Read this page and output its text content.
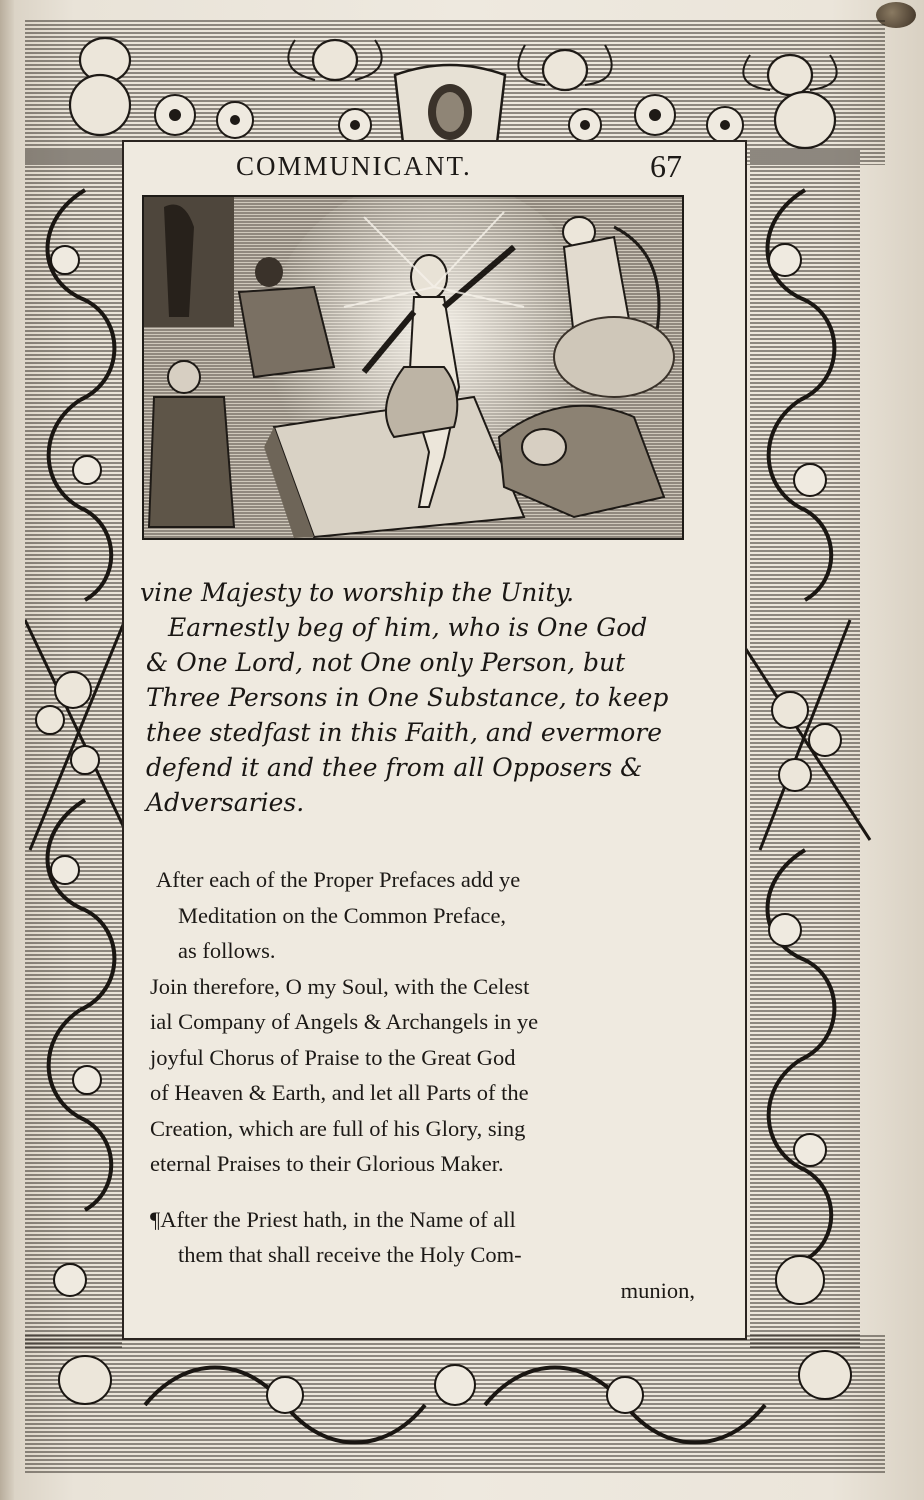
COMMUNICANT.	67
vine Majesty to worship the Unity.
Earnestly beg of him, who is One God
& One Lord, not One only Person, but
Three Persons in One Substance, to keep
thee stedfast in this Faith, and evermore
defend it and thee from all Opposers &
Adversaries.
After each of the Proper Prefaces add ye
Meditation on the Common Preface,
as follows.
Join therefore, O my Soul, with the Celest
ial Company of Angels & Archangels in ye
joyful Chorus of Praise to the Great God
of Heaven & Earth, and let all Parts of the
Creation, which are full of his Glory, sing
eternal Praises to their Glorious Maker.
¶After the Priest hath, in the Name of all
them that shall receive the Holy Com-
munion,
